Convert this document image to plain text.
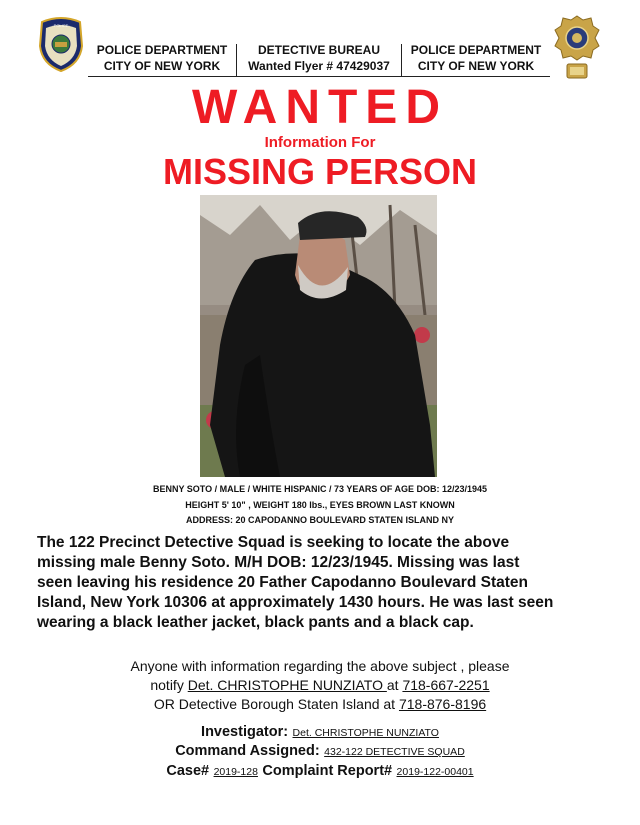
POLICE
POLICE DEPARTMENT
CITY OF NEW YORK
DETECTIVE BUREAU
Wanted Flyer # 47429037
POLICE DEPARTMENT
CITY OF NEW YORK
WANTED
Information For
MISSING PERSON
BENNY SOTO / MALE / WHITE HISPANIC / 73 YEARS OF AGE DOB: 12/23/1945
HEIGHT 5' 10" , WEIGHT 180 lbs., EYES BROWN LAST KNOWN
ADDRESS: 20 CAPODANNO BOULEVARD STATEN ISLAND NY
The 122 Precinct Detective Squad is seeking to locate the above
missing male Benny Soto. M/H DOB: 12/23/1945. Missing was last
seen leaving his residence 20 Father Capodanno Boulevard Staten
Island, New York 10306 at approximately 1430 hours. He was last seen
wearing a black leather jacket, black pants and a black cap.
Anyone with information regarding the above subject , please
notify Det. CHRISTOPHE NUNZIATO at 718-667-2251
OR Detective Borough Staten Island at 718-876-8196
Investigator: Det. CHRISTOPHE NUNZIATO
Command Assigned: 432-122 DETECTIVE SQUAD
Case# 2019-128 Complaint Report# 2019-122-00401
